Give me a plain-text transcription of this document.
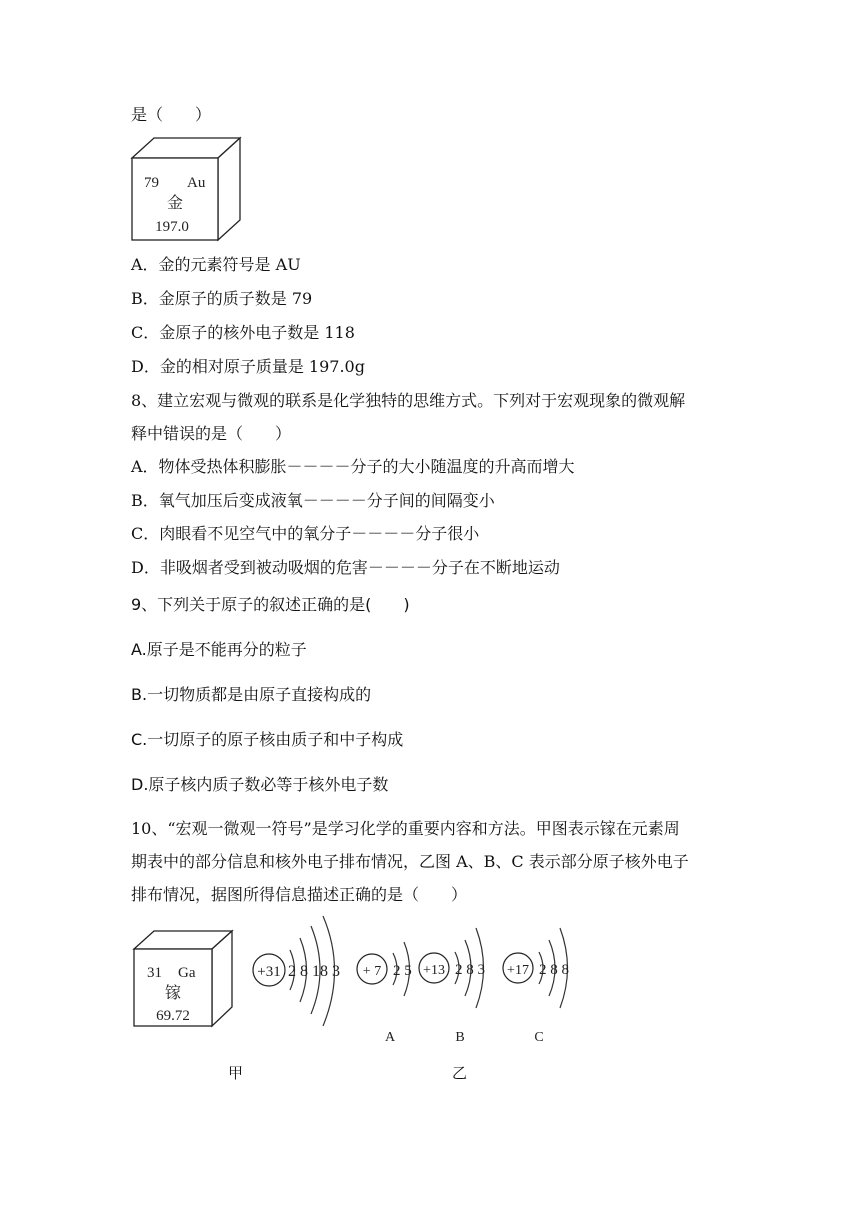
是（　　）
79 Au
金
197.0
A．金的元素符号是 AU
B．金原子的质子数是 79
C．金原子的核外电子数是 118
D．金的相对原子质量是 197.0g
8、建立宏观与微观的联系是化学独特的思维方式。下列对于宏观现象的微观解
释中错误的是（　　）
A．物体受热体积膨胀－－－－分子的大小随温度的升高而增大
B．氧气加压后变成液氧－－－－分子间的间隔变小
C．肉眼看不见空气中的氧分子－－－－分子很小
D．非吸烟者受到被动吸烟的危害－－－－分子在不断地运动
9、下列关于原子的叙述正确的是(　　)
A.原子是不能再分的粒子
B.一切物质都是由原子直接构成的
C.一切原子的原子核由质子和中子构成
D.原子核内质子数必等于核外电子数
10、“宏观一微观一符号”是学习化学的重要内容和方法。甲图表示镓在元素周
期表中的部分信息和核外电子排布情况，乙图 A、B、C 表示部分原子核外电子
排布情况，据图所得信息描述正确的是（　　）
31 Ga
镓
69.72
+31 2 8 18 3 + 7 2 5
A
+13 2 8 3
B
+17 2 8 8
C
甲	乙
